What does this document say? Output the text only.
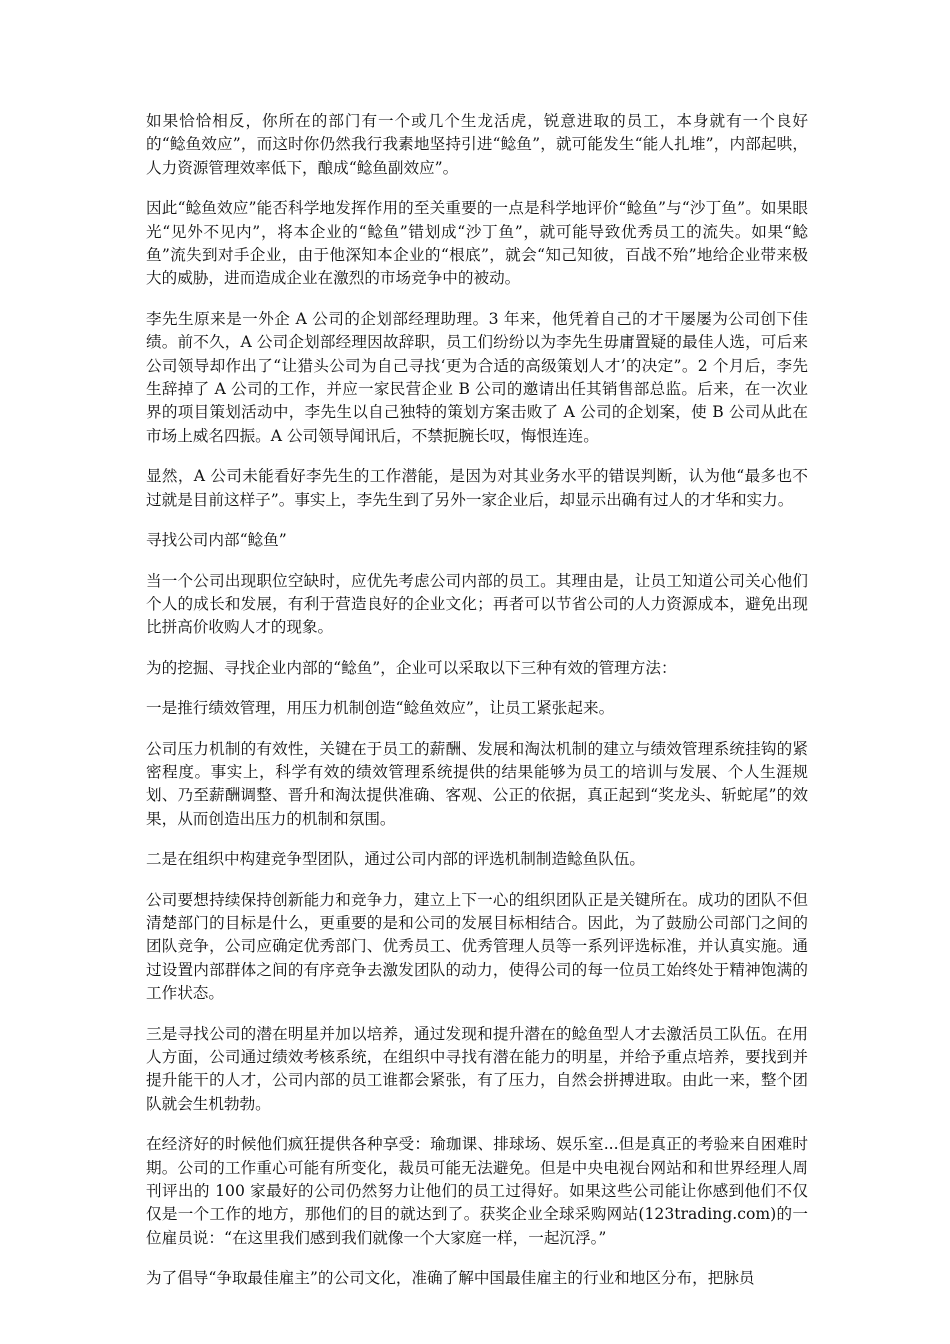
如果恰恰相反，你所在的部门有一个或几个生龙活虎，锐意进取的员工，本身就有一个良好的“鲶鱼效应”，而这时你仍然我行我素地坚持引进“鲶鱼”，就可能发生“能人扎堆”，内部起哄，人力资源管理效率低下，酿成“鲶鱼副效应”。

因此“鲶鱼效应”能否科学地发挥作用的至关重要的一点是科学地评价“鲶鱼”与“沙丁鱼”。如果眼光“见外不见内”，将本企业的“鲶鱼”错划成“沙丁鱼”，就可能导致优秀员工的流失。如果“鲶鱼”流失到对手企业，由于他深知本企业的“根底”，就会“知己知彼，百战不殆”地给企业带来极大的威胁，进而造成企业在激烈的市场竞争中的被动。

李先生原来是一外企 A 公司的企划部经理助理。3 年来，他凭着自己的才干屡屡为公司创下佳绩。前不久，A 公司企划部经理因故辞职，员工们纷纷以为李先生毋庸置疑的最佳人选，可后来公司领导却作出了“让猎头公司为自己寻找‘更为合适的高级策划人才’的决定”。2 个月后，李先生辞掉了 A 公司的工作，并应一家民营企业 B 公司的邀请出任其销售部总监。后来，在一次业界的项目策划活动中，李先生以自己独特的策划方案击败了 A 公司的企划案，使 B 公司从此在市场上威名四振。A 公司领导闻讯后，不禁扼腕长叹，悔恨连连。

显然，A 公司未能看好李先生的工作潜能，是因为对其业务水平的错误判断，认为他“最多也不过就是目前这样子”。事实上，李先生到了另外一家企业后，却显示出确有过人的才华和实力。

寻找公司内部“鲶鱼”

当一个公司出现职位空缺时，应优先考虑公司内部的员工。其理由是，让员工知道公司关心他们个人的成长和发展，有利于营造良好的企业文化；再者可以节省公司的人力资源成本，避免出现比拼高价收购人才的现象。

为的挖掘、寻找企业内部的“鲶鱼”，企业可以采取以下三种有效的管理方法：

一是推行绩效管理，用压力机制创造“鲶鱼效应”，让员工紧张起来。

公司压力机制的有效性，关键在于员工的薪酬、发展和淘汰机制的建立与绩效管理系统挂钩的紧密程度。事实上，科学有效的绩效管理系统提供的结果能够为员工的培训与发展、个人生涯规划、乃至薪酬调整、晋升和淘汰提供准确、客观、公正的依据，真正起到“奖龙头、斩蛇尾”的效果，从而创造出压力的机制和氛围。

二是在组织中构建竞争型团队，通过公司内部的评选机制制造鲶鱼队伍。

公司要想持续保持创新能力和竞争力，建立上下一心的组织团队正是关键所在。成功的团队不但清楚部门的目标是什么，更重要的是和公司的发展目标相结合。因此，为了鼓励公司部门之间的团队竞争，公司应确定优秀部门、优秀员工、优秀管理人员等一系列评选标准，并认真实施。通过设置内部群体之间的有序竞争去激发团队的动力，使得公司的每一位员工始终处于精神饱满的工作状态。

三是寻找公司的潜在明星并加以培养，通过发现和提升潜在的鲶鱼型人才去激活员工队伍。在用人方面，公司通过绩效考核系统，在组织中寻找有潜在能力的明星，并给予重点培养，要找到并提升能干的人才，公司内部的员工谁都会紧张，有了压力，自然会拼搏进取。由此一来，整个团队就会生机勃勃。

在经济好的时候他们疯狂提供各种享受：瑜珈课、排球场、娱乐室...但是真正的考验来自困难时期。公司的工作重心可能有所变化，裁员可能无法避免。但是中央电视台网站和和世界经理人周刊评出的 100 家最好的公司仍然努力让他们的员工过得好。如果这些公司能让你感到他们不仅仅是一个工作的地方，那他们的目的就达到了。获奖企业全球采购网站(123trading.com)的一位雇员说：“在这里我们感到我们就像一个大家庭一样，一起沉浮。”

为了倡导“争取最佳雇主”的公司文化，准确了解中国最佳雇主的行业和地区分布，把脉员
